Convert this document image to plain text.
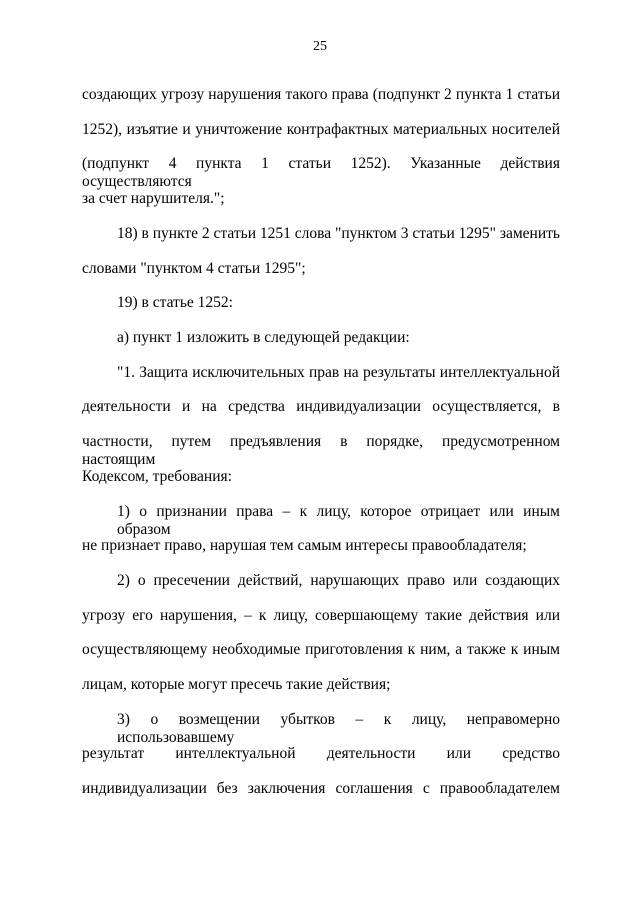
25
создающих угрозу нарушения такого права (подпункт 2 пункта 1 статьи
1252), изъятие и уничтожение контрафактных материальных носителей
(подпункт 4 пункта 1 статьи 1252). Указанные действия осуществляются
за счет нарушителя.";
18) в пункте 2 статьи 1251 слова "пунктом 3 статьи 1295" заменить
словами "пунктом 4 статьи 1295";
19) в статье 1252:
а) пункт 1 изложить в следующей редакции:
"1. Защита исключительных прав на результаты интеллектуальной
деятельности и на средства индивидуализации осуществляется, в
частности, путем предъявления в порядке, предусмотренном настоящим
Кодексом, требования:
1) о признании права – к лицу, которое отрицает или иным образом
не признает право, нарушая тем самым интересы правообладателя;
2) о пресечении действий, нарушающих право или создающих
угрозу его нарушения, – к лицу, совершающему такие действия или
осуществляющему необходимые приготовления к ним, а также к иным
лицам, которые могут пресечь такие действия;
3) о возмещении убытков – к лицу, неправомерно использовавшему
результат интеллектуальной деятельности или средство
индивидуализации без заключения соглашения с правообладателем
